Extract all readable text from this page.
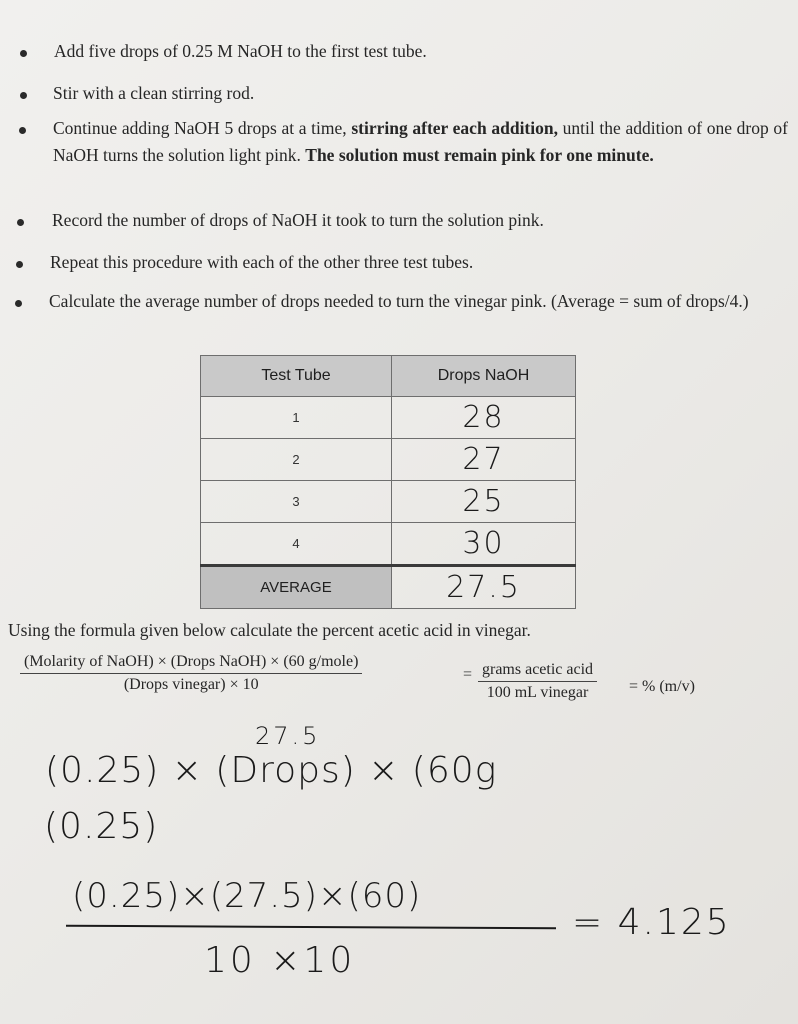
Add five drops of 0.25 M NaOH to the first test tube.
Stir with a clean stirring rod.
Continue adding NaOH 5 drops at a time, stirring after each addition, until the addition of one drop of NaOH turns the solution light pink. The solution must remain pink for one minute.
Record the number of drops of NaOH it took to turn the solution pink.
Repeat this procedure with each of the other three test tubes.
Calculate the average number of drops needed to turn the vinegar pink. (Average = sum of drops/4.)
Test Tube	Drops NaOH
1	28
2	27
3	25
4	30
AVERAGE	27.5
Using the formula given below calculate the percent acetic acid in vinegar.
(Molarity of NaOH) × (Drops NaOH) × (60 g/mole)
(Drops vinegar) × 10
= grams acetic acid
100 mL vinegar	= % (m/v)
27.5
(0.25) × (Drops) × (60g
(0.25)
(0.25)×(27.5)×(60)
= 4.125
10 ×10
